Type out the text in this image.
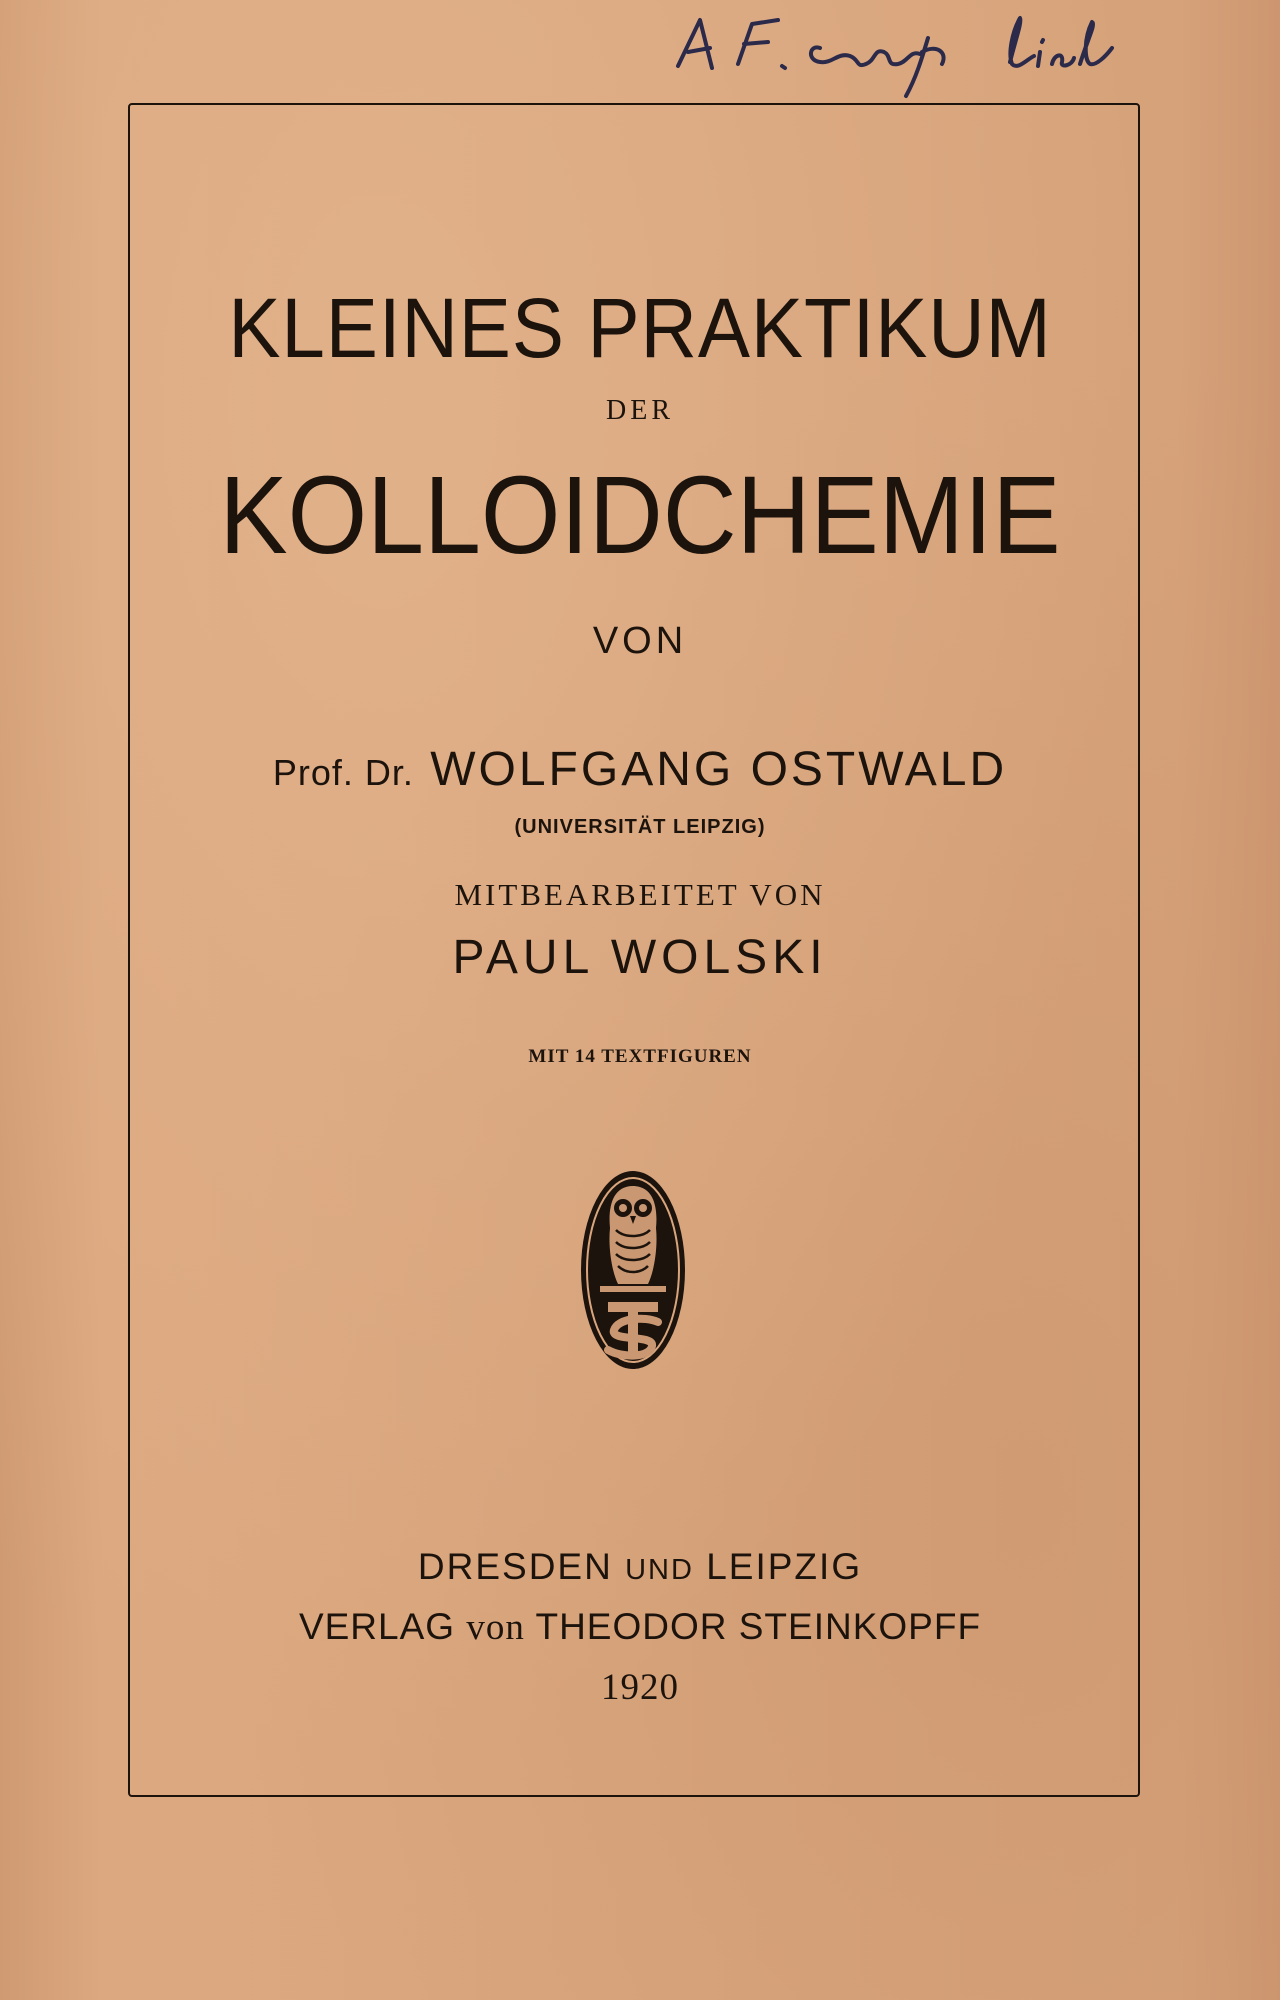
KLEINES PRAKTIKUM
DER
KOLLOIDCHEMIE
VON
Prof. Dr. WOLFGANG OSTWALD
(UNIVERSITÄT LEIPZIG)
MITBEARBEITET VON
PAUL WOLSKI
MIT 14 TEXTFIGUREN
DRESDEN UND LEIPZIG
VERLAG von THEODOR STEINKOPFF
1920
